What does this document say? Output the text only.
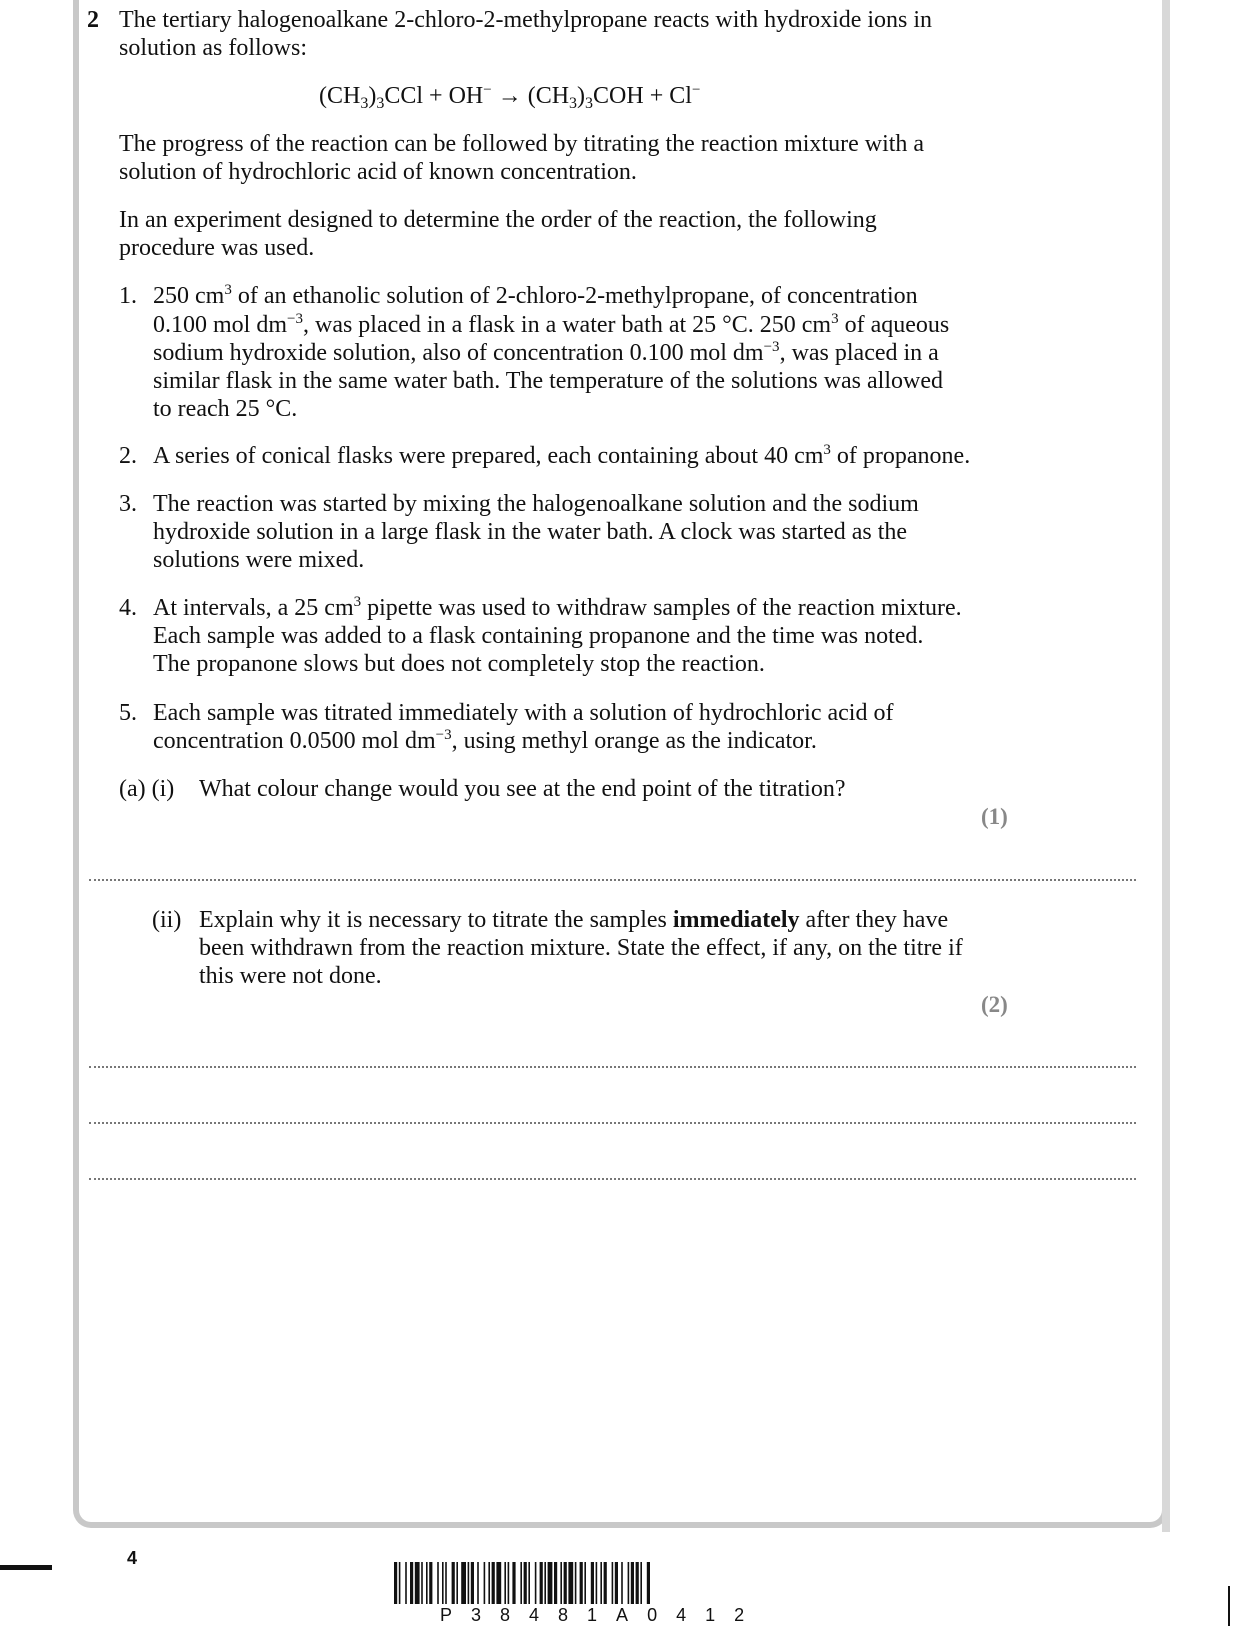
2 The tertiary halogenoalkane 2-chloro-2-methylpropane reacts with hydroxide ions in
solution as follows:
$(CH_3)_3CCl + OH^- \to (CH_3)_3COH + Cl^-$
The progress of the reaction can be followed by titrating the reaction mixture with a
solution of hydrochloric acid of known concentration.
In an experiment designed to determine the order of the reaction, the following
procedure was used.
1. 250 $cm^3$ of an ethanolic solution of 2-chloro-2-methylpropane, of concentration
0.100 mol $dm^{-3}$, was placed in a flask in a water bath at 25 °C. 250 $cm^3$ of aqueous
sodium hydroxide solution, also of concentration 0.100 mol $dm^{-3}$, was placed in a
similar flask in the same water bath. The temperature of the solutions was allowed
to reach 25 °C.
2. A series of conical flasks were prepared, each containing about 40 $cm^3$ of propanone.
3. The reaction was started by mixing the halogenoalkane solution and the sodium
hydroxide solution in a large flask in the water bath. A clock was started as the
solutions were mixed.
4. At intervals, a 25 $cm^3$ pipette was used to withdraw samples of the reaction mixture.
Each sample was added to a flask containing propanone and the time was noted.
The propanone slows but does not completely stop the reaction.
5. Each sample was titrated immediately with a solution of hydrochloric acid of
concentration 0.0500 mol $dm^{-3}$, using methyl orange as the indicator.
(a) (i) What colour change would you see at the end point of the titration?
(1)
(ii) Explain why it is necessary to titrate the samples immediately after they have
been withdrawn from the reaction mixture. State the effect, if any, on the titre if
this were not done.
(2)
4
P38481A0412
